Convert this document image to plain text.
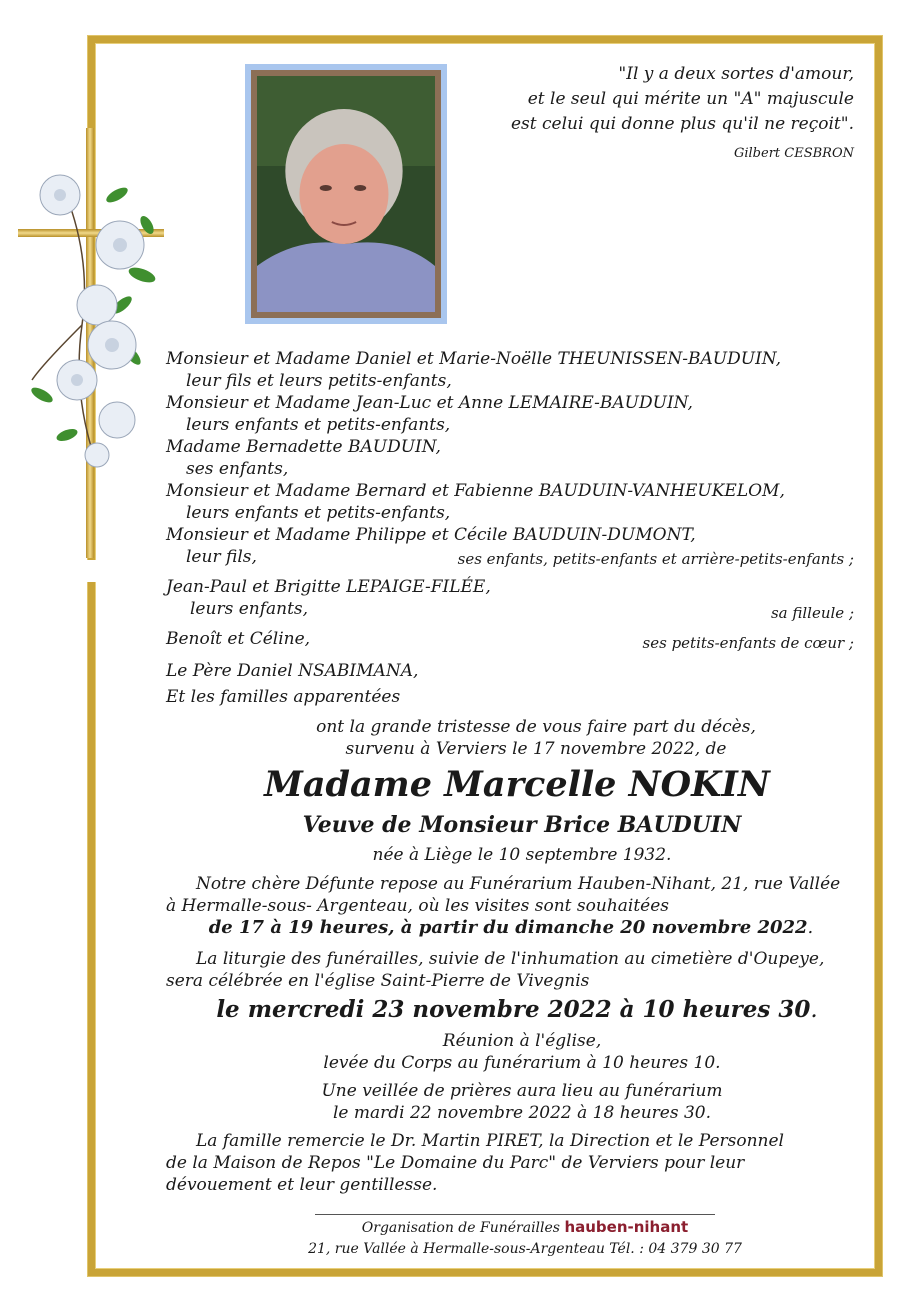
"Il y a deux sortes d'amour,
et le seul qui mérite un "A" majuscule
est celui qui donne plus qu'il ne reçoit".
Gilbert CESBRON
Monsieur et Madame Daniel et Marie-Noëlle THEUNISSEN-BAUDUIN,
leur fils et leurs petits-enfants,
Monsieur et Madame Jean-Luc et Anne LEMAIRE-BAUDUIN,
leurs enfants et petits-enfants,
Madame Bernadette BAUDUIN,
ses enfants,
Monsieur et Madame Bernard et Fabienne BAUDUIN-VANHEUKELOM,
leurs enfants et petits-enfants,
Monsieur et Madame Philippe et Cécile BAUDUIN-DUMONT,
leur fils,	ses enfants, petits-enfants et arrière-petits-enfants ;
Jean-Paul et Brigitte LEPAIGE-FILÉE,
leurs enfants,	sa filleule ;
Benoît et Céline,	ses petits-enfants de cœur ;
Le Père Daniel NSABIMANA,
Et les familles apparentées
ont la grande tristesse de vous faire part du décès,
survenu à Verviers le 17 novembre 2022, de
Madame Marcelle NOKIN
Veuve de Monsieur Brice BAUDUIN
née à Liège le 10 septembre 1932.
Notre chère Défunte repose au Funérarium Hauben-Nihant, 21, rue Vallée
à Hermalle-sous- Argenteau, où les visites sont souhaitées
de 17 à 19 heures, à partir du dimanche 20 novembre 2022.
La liturgie des funérailles, suivie de l'inhumation au cimetière d'Oupeye,
sera célébrée en l'église Saint-Pierre de Vivegnis
le mercredi 23 novembre 2022 à 10 heures 30.
Réunion à l'église,
levée du Corps au funérarium à 10 heures 10.
Une veillée de prières aura lieu au funérarium
le mardi 22 novembre 2022 à 18 heures 30.
La famille remercie le Dr. Martin PIRET, la Direction et le Personnel
de la Maison de Repos "Le Domaine du Parc" de Verviers pour leur
dévouement et leur gentillesse.
Organisation de Funérailles hauben-nihant
21, rue Vallée à Hermalle-sous-Argenteau Tél. : 04 379 30 77
